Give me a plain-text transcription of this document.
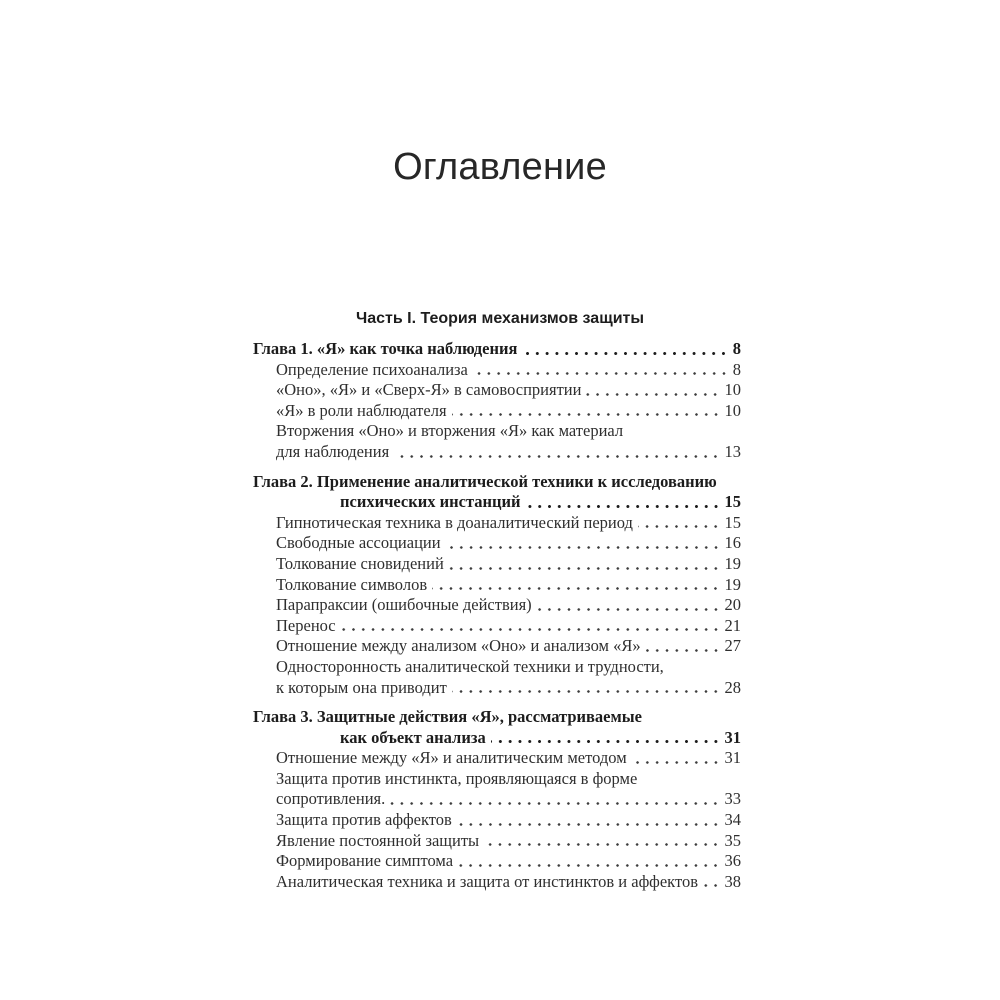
Оглавление
Часть I. Теория механизмов защиты
Глава 1. «Я» как точка наблюдения	8
Определение психоанализа	8
«Оно», «Я» и «Сверх-Я» в самовосприятии	10
«Я» в роли наблюдателя	10
Вторжения «Оно» и вторжения «Я» как материал
для наблюдения	13
Глава 2. Применение аналитической техники к исследованию
психических инстанций	15
Гипнотическая техника в доаналитический период	15
Свободные ассоциации	16
Толкование сновидений	19
Толкование символов	19
Парапраксии (ошибочные действия)	20
Перенос	21
Отношение между анализом «Оно» и анализом «Я»	27
Односторонность аналитической техники и трудности,
к которым она приводит	28
Глава 3. Защитные действия «Я», рассматриваемые
как объект анализа	31
Отношение между «Я» и аналитическим методом	31
Защита против инстинкта, проявляющаяся в форме
сопротивления.	33
Защита против аффектов	34
Явление постоянной защиты	35
Формирование симптома	36
Аналитическая техника и защита от инстинктов и аффектов 38
